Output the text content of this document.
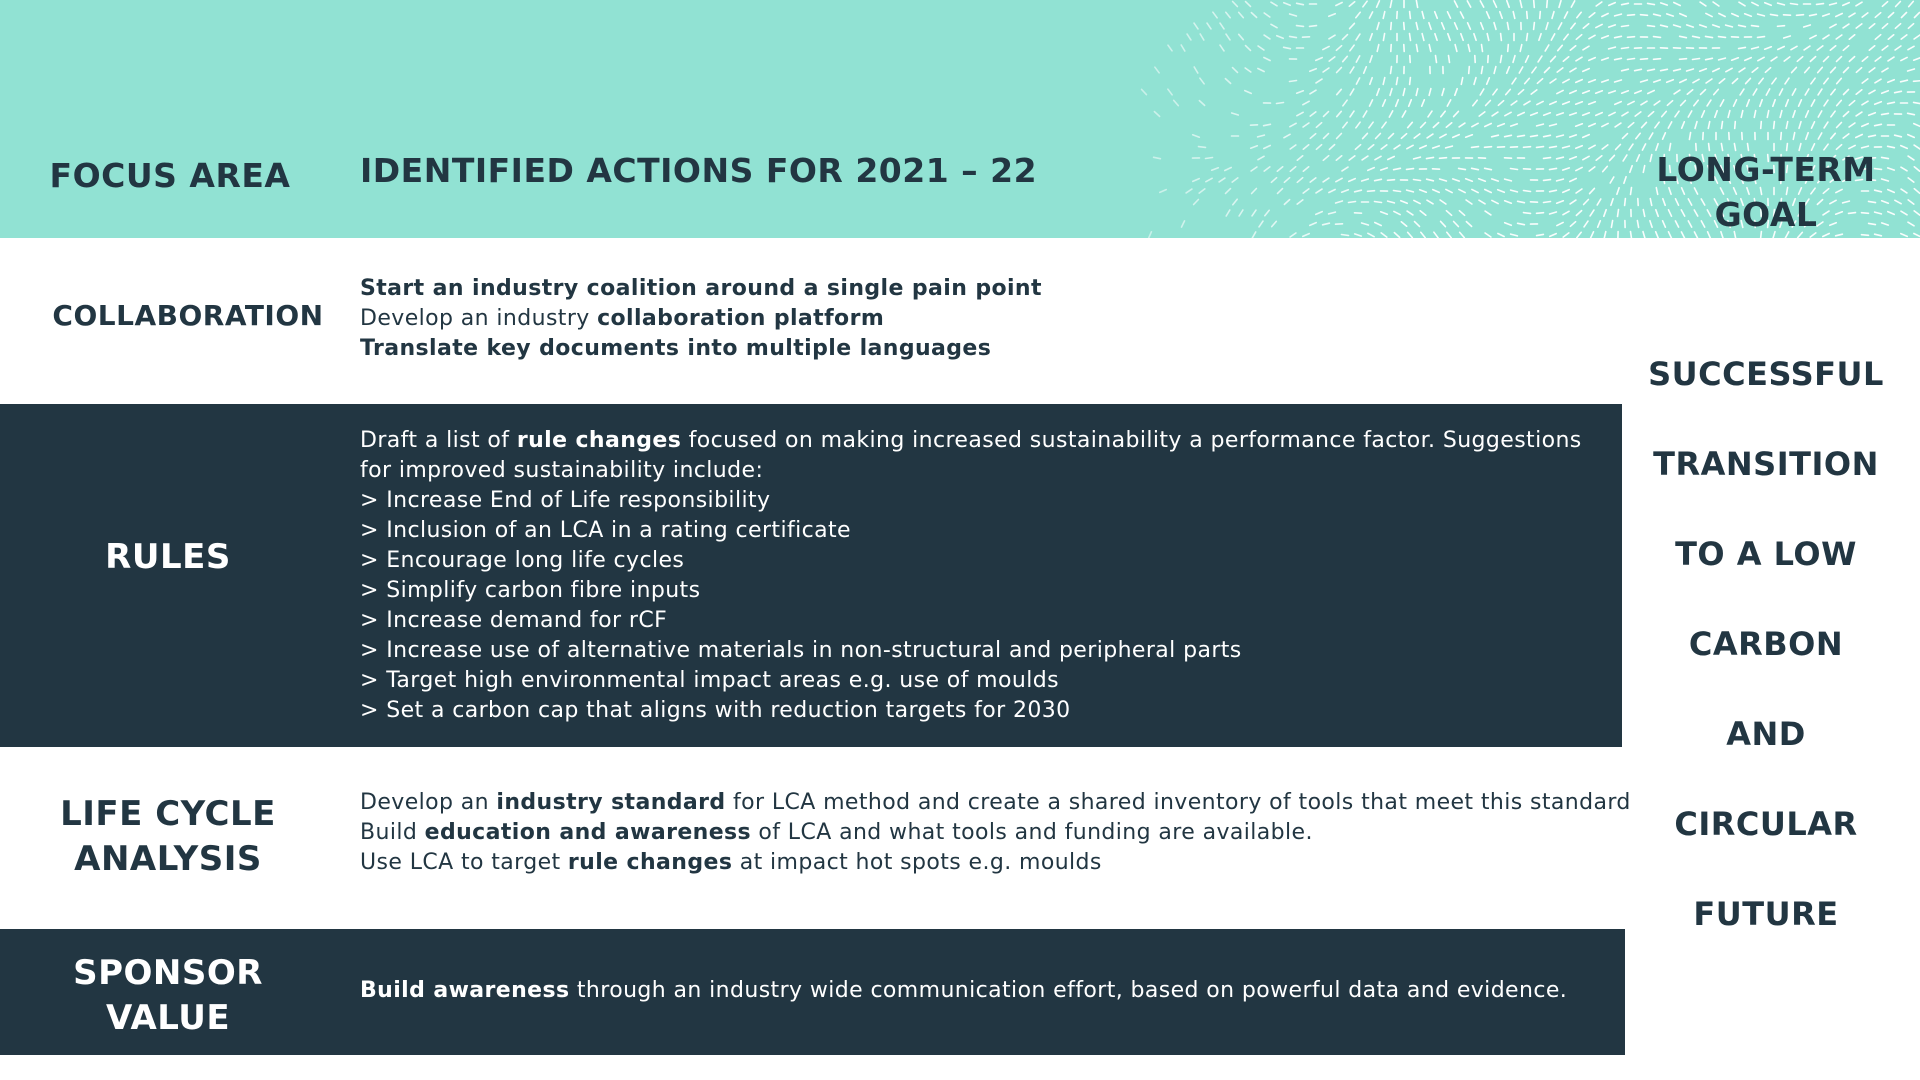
FOCUS AREA IDENTIFIED ACTIONS FOR 2021 – 22	LONG-TERM
GOAL
COLLABORATION
Start an industry coalition around a single pain point
Develop an industry collaboration platform
Translate key documents into multiple languages
RULES
Draft a list of rule changes focused on making increased sustainability a performance factor. Suggestions for improved sustainability include:
> Increase End of Life responsibility
> Inclusion of an LCA in a rating certificate
> Encourage long life cycles
> Simplify carbon fibre inputs
> Increase demand for rCF
> Increase use of alternative materials in non-structural and peripheral parts
> Target high environmental impact areas e.g. use of moulds
> Set a carbon cap that aligns with reduction targets for 2030
LIFE CYCLE
ANALYSIS
Develop an industry standard for LCA method and create a shared inventory of tools that meet this standard
Build education and awareness of LCA and what tools and funding are available.
Use LCA to target rule changes at impact hot spots e.g. moulds
SPONSOR
VALUE
Build awareness through an industry wide communication effort, based on powerful data and evidence.
SUCCESSFUL
TRANSITION
TO A LOW
CARBON
AND
CIRCULAR
FUTURE
